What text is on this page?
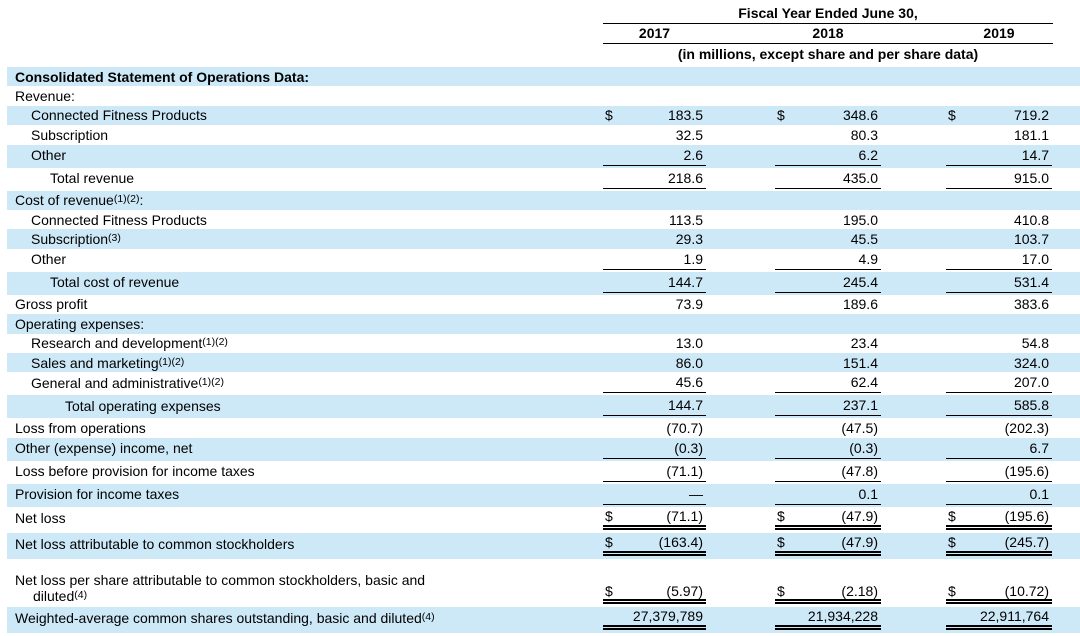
Fiscal Year Ended June 30,
2017	2018	2019
(in millions, except share and per share data)
Consolidated Statement of Operations Data:
Revenue:
Connected Fitness Products	$	183.5	$	348.6	$	719.2
Subscription	32.5	80.3	181.1
Other	2.6	6.2	14.7
Total revenue	218.6	435.0	915.0
Cost of revenue$^{(1)(2)}$:
Connected Fitness Products	113.5	195.0	410.8
Subscription$^{(3)}$	29.3	45.5	103.7
Other	1.9	4.9	17.0
Total cost of revenue	144.7	245.4	531.4
Gross profit	73.9	189.6	383.6
Operating expenses:
Research and development$^{(1)(2)}$	13.0	23.4	54.8
Sales and marketing$^{(1)(2)}$	86.0	151.4	324.0
General and administrative$^{(1)(2)}$	45.6	62.4	207.0
Total operating expenses	144.7	237.1	585.8
Loss from operations	(70.7)	(47.5)	(202.3)
Other (expense) income, net	(0.3)	(0.3)	6.7
Loss before provision for income taxes	(71.1)	(47.8)	(195.6)
Provision for income taxes	—	0.1	0.1
Net loss	$	(71.1)	$	(47.9)	$	(195.6)
Net loss attributable to common stockholders	$	(163.4)	$	(47.9)	$	(245.7)
Net loss per share attributable to common stockholders, basic and
diluted$^{(4)}$	$	(5.97)	$	(2.18)	$	(10.72)
Weighted-average common shares outstanding, basic and diluted$^{(4)}$	27,379,789	21,934,228	22,911,764
